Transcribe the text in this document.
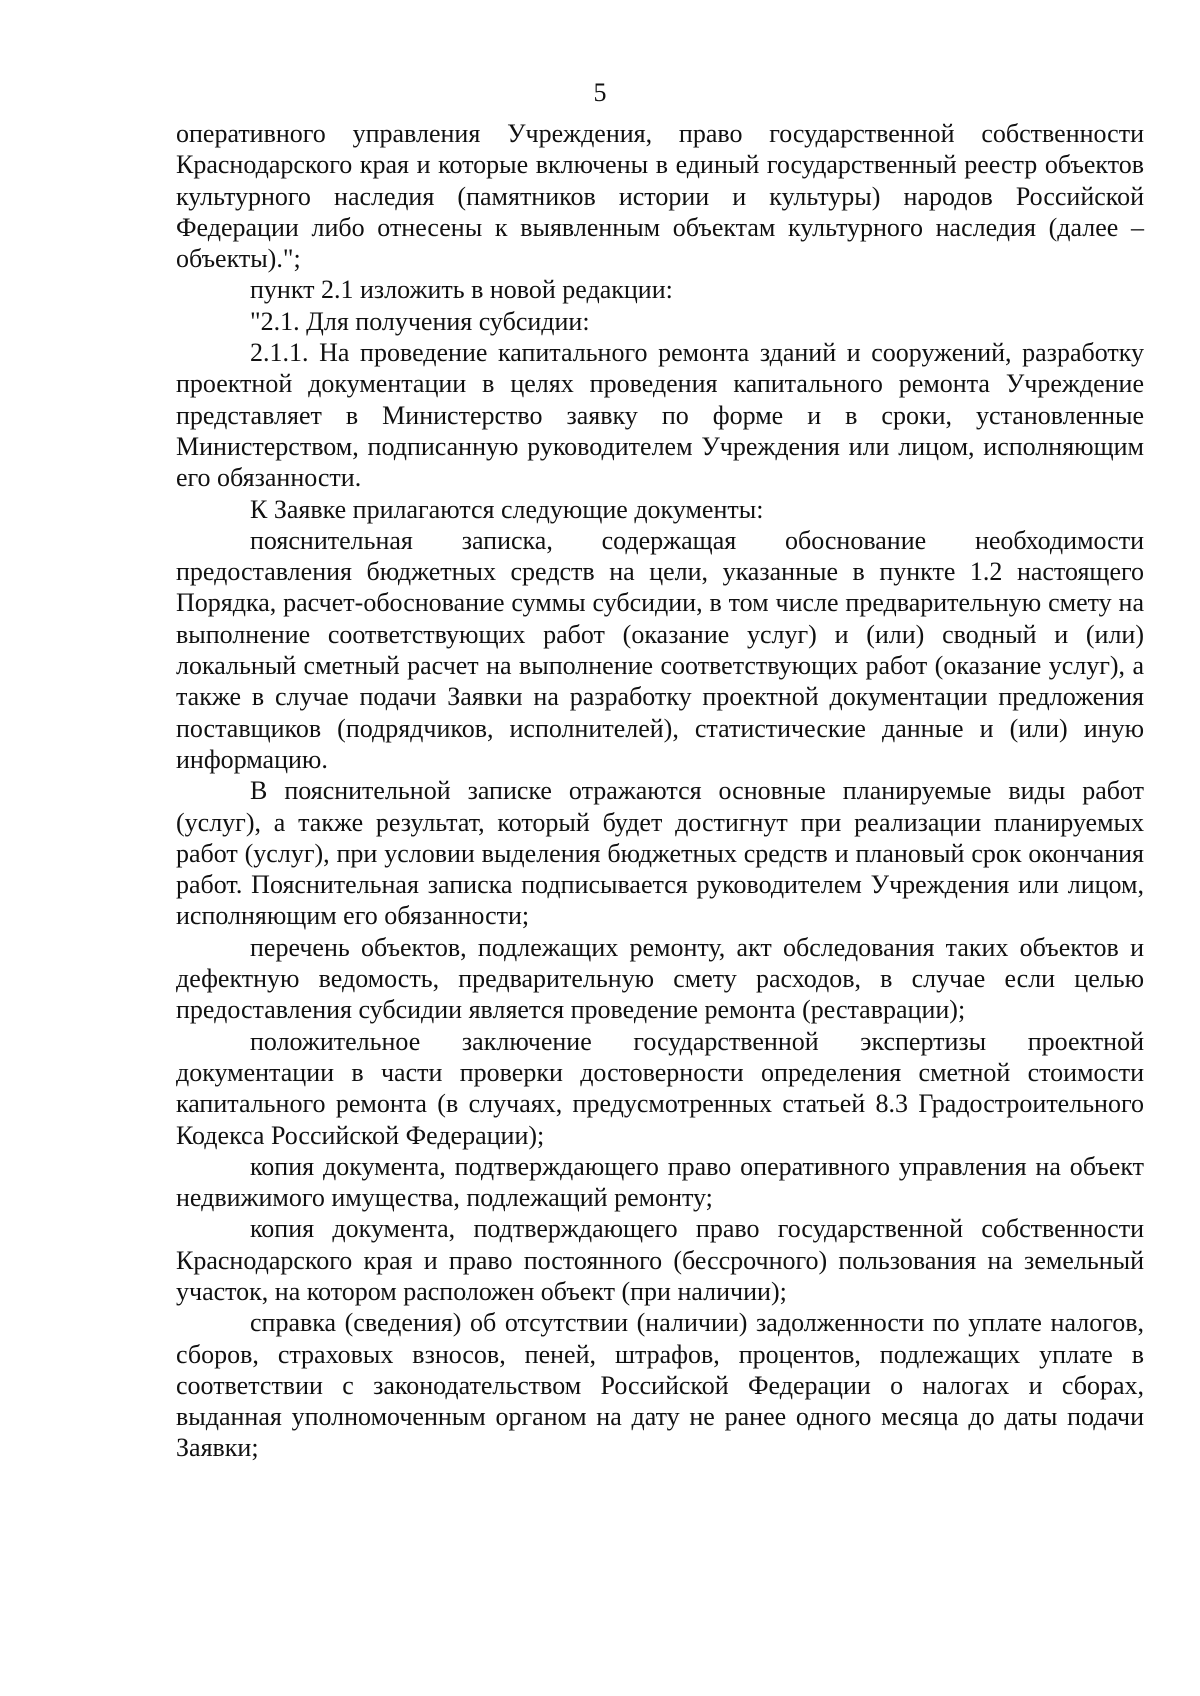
5

оперативного управления Учреждения, право государственной собственности Краснодарского края и которые включены в единый государственный реестр объектов культурного наследия (памятников истории и культуры) народов Российской Федерации либо отнесены к выявленным объектам культурного наследия (далее – объекты).";

пункт 2.1 изложить в новой редакции:

"2.1. Для получения субсидии:

2.1.1. На проведение капитального ремонта зданий и сооружений, разработку проектной документации в целях проведения капитального ремонта Учреждение представляет в Министерство заявку по форме и в сроки, установленные Министерством, подписанную руководителем Учреждения или лицом, исполняющим его обязанности.

К Заявке прилагаются следующие документы:

пояснительная записка, содержащая обоснование необходимости предоставления бюджетных средств на цели, указанные в пункте 1.2 настоящего Порядка, расчет-обоснование суммы субсидии, в том числе предварительную смету на выполнение соответствующих работ (оказание услуг) и (или) сводный и (или) локальный сметный расчет на выполнение соответствующих работ (оказание услуг), а также в случае подачи Заявки на разработку проектной документации предложения поставщиков (подрядчиков, исполнителей), статистические данные и (или) иную информацию.

В пояснительной записке отражаются основные планируемые виды работ (услуг), а также результат, который будет достигнут при реализации планируемых работ (услуг), при условии выделения бюджетных средств и плановый срок окончания работ. Пояснительная записка подписывается руководителем Учреждения или лицом, исполняющим его обязанности;

перечень объектов, подлежащих ремонту, акт обследования таких объектов и дефектную ведомость, предварительную смету расходов, в случае если целью предоставления субсидии является проведение ремонта (реставрации);

положительное заключение государственной экспертизы проектной документации в части проверки достоверности определения сметной стоимости капитального ремонта (в случаях, предусмотренных статьей 8.3 Градостроительного Кодекса Российской Федерации);

копия документа, подтверждающего право оперативного управления на объект недвижимого имущества, подлежащий ремонту;

копия документа, подтверждающего право государственной собственности Краснодарского края и право постоянного (бессрочного) пользования на земельный участок, на котором расположен объект (при наличии);

справка (сведения) об отсутствии (наличии) задолженности по уплате налогов, сборов, страховых взносов, пеней, штрафов, процентов, подлежащих уплате в соответствии с законодательством Российской Федерации о налогах и сборах, выданная уполномоченным органом на дату не ранее одного месяца до даты подачи Заявки;
